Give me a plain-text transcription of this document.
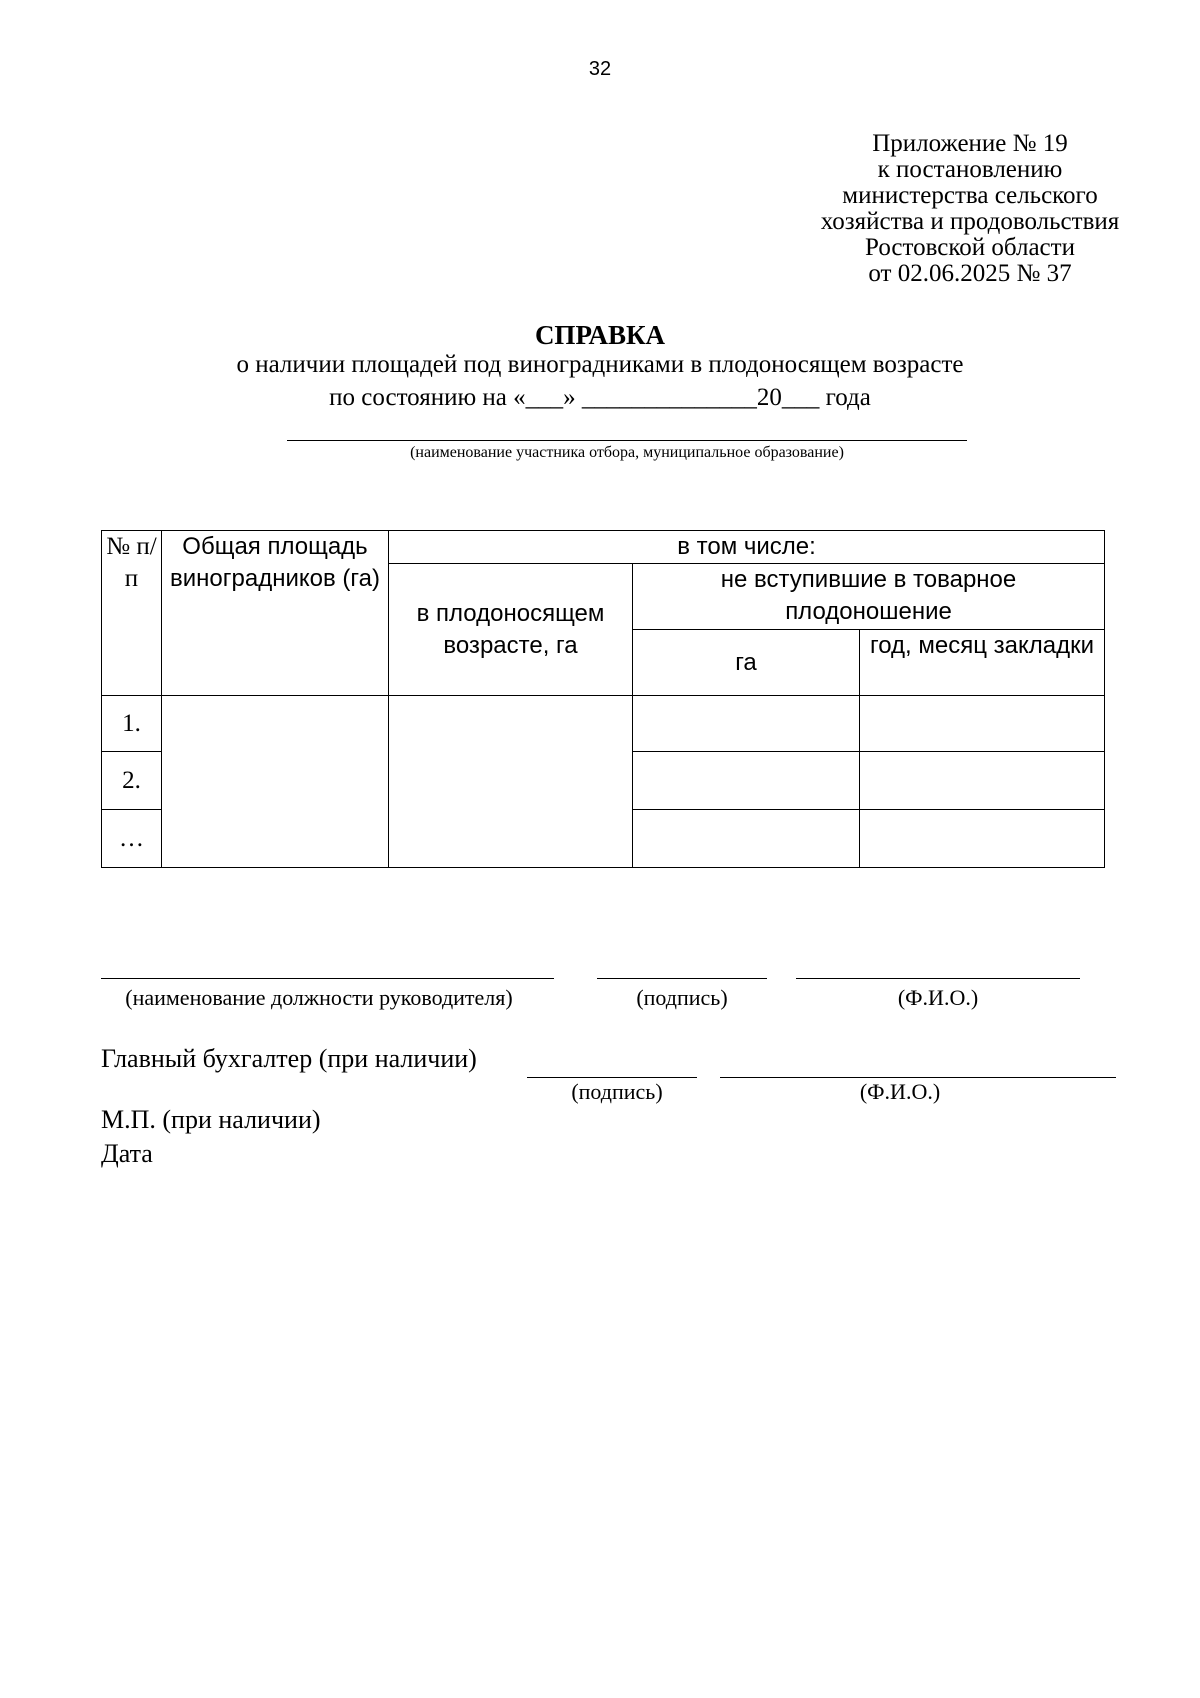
32
Приложение № 19
к постановлению
министерства сельского
хозяйства и продовольствия
Ростовской области
от 02.06.2025 № 37
СПРАВКА
о наличии площадей под виноградниками в плодоносящем возрасте
по состоянию на «___» ______________20___ года
(наименование участника отбора, муниципальное образование)
№ п/п	Общая площадь виноградников (га)	в том числе:		
		в плодоносящем возрасте, га	не вступившие в товарное плодоношение	
			га	год, месяц закладки
1.				
2.				
…				
(наименование должности руководителя)	(подпись)	(Ф.И.О.)
Главный бухгалтер (при наличии)
(подпись)	(Ф.И.О.)
М.П. (при наличии)
Дата
